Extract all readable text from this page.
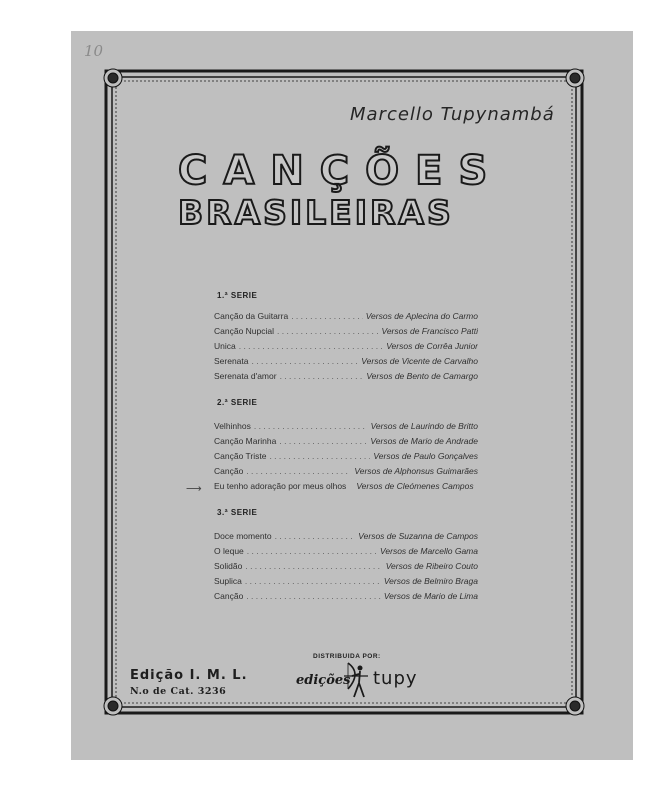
10
Marcello Tupynambá
CANÇÕES
BRASILEIRAS
1.ª SERIE
Canção da Guitarra . . .	Versos de Aplecina do Carmo
Canção Nupcial . . .	Versos de Francisco Patti
Unica . . .	Versos de Corrêa Junior
Serenata . . .	Versos de Vicente de Carvalho
Serenata d'amor . . .	Versos de Bento de Camargo
2.ª SERIE
Velhinhos . . .	Versos de Laurindo de Britto
Canção Marinha . . .	Versos de Mario de Andrade
Canção Triste . . .	Versos de Paulo Gonçalves
Canção . . .	Versos de Alphonsus Guimarães
⟶ Eu tenho adoração por meus olhos Versos de Cleómenes Campos
3.ª SERIE
Doce momento . . .	Versos de Suzanna de Campos
O leque . . .	Versos de Marcello Gama
Solidão . . .	Versos de Ribeiro Couto
Suplica . . .	Versos de Belmiro Braga
Canção . . .	Versos de Mario de Lima
Edição I. M. L.
N.o de Cat. 3236
DISTRIBUIDA POR:
edições tupy
